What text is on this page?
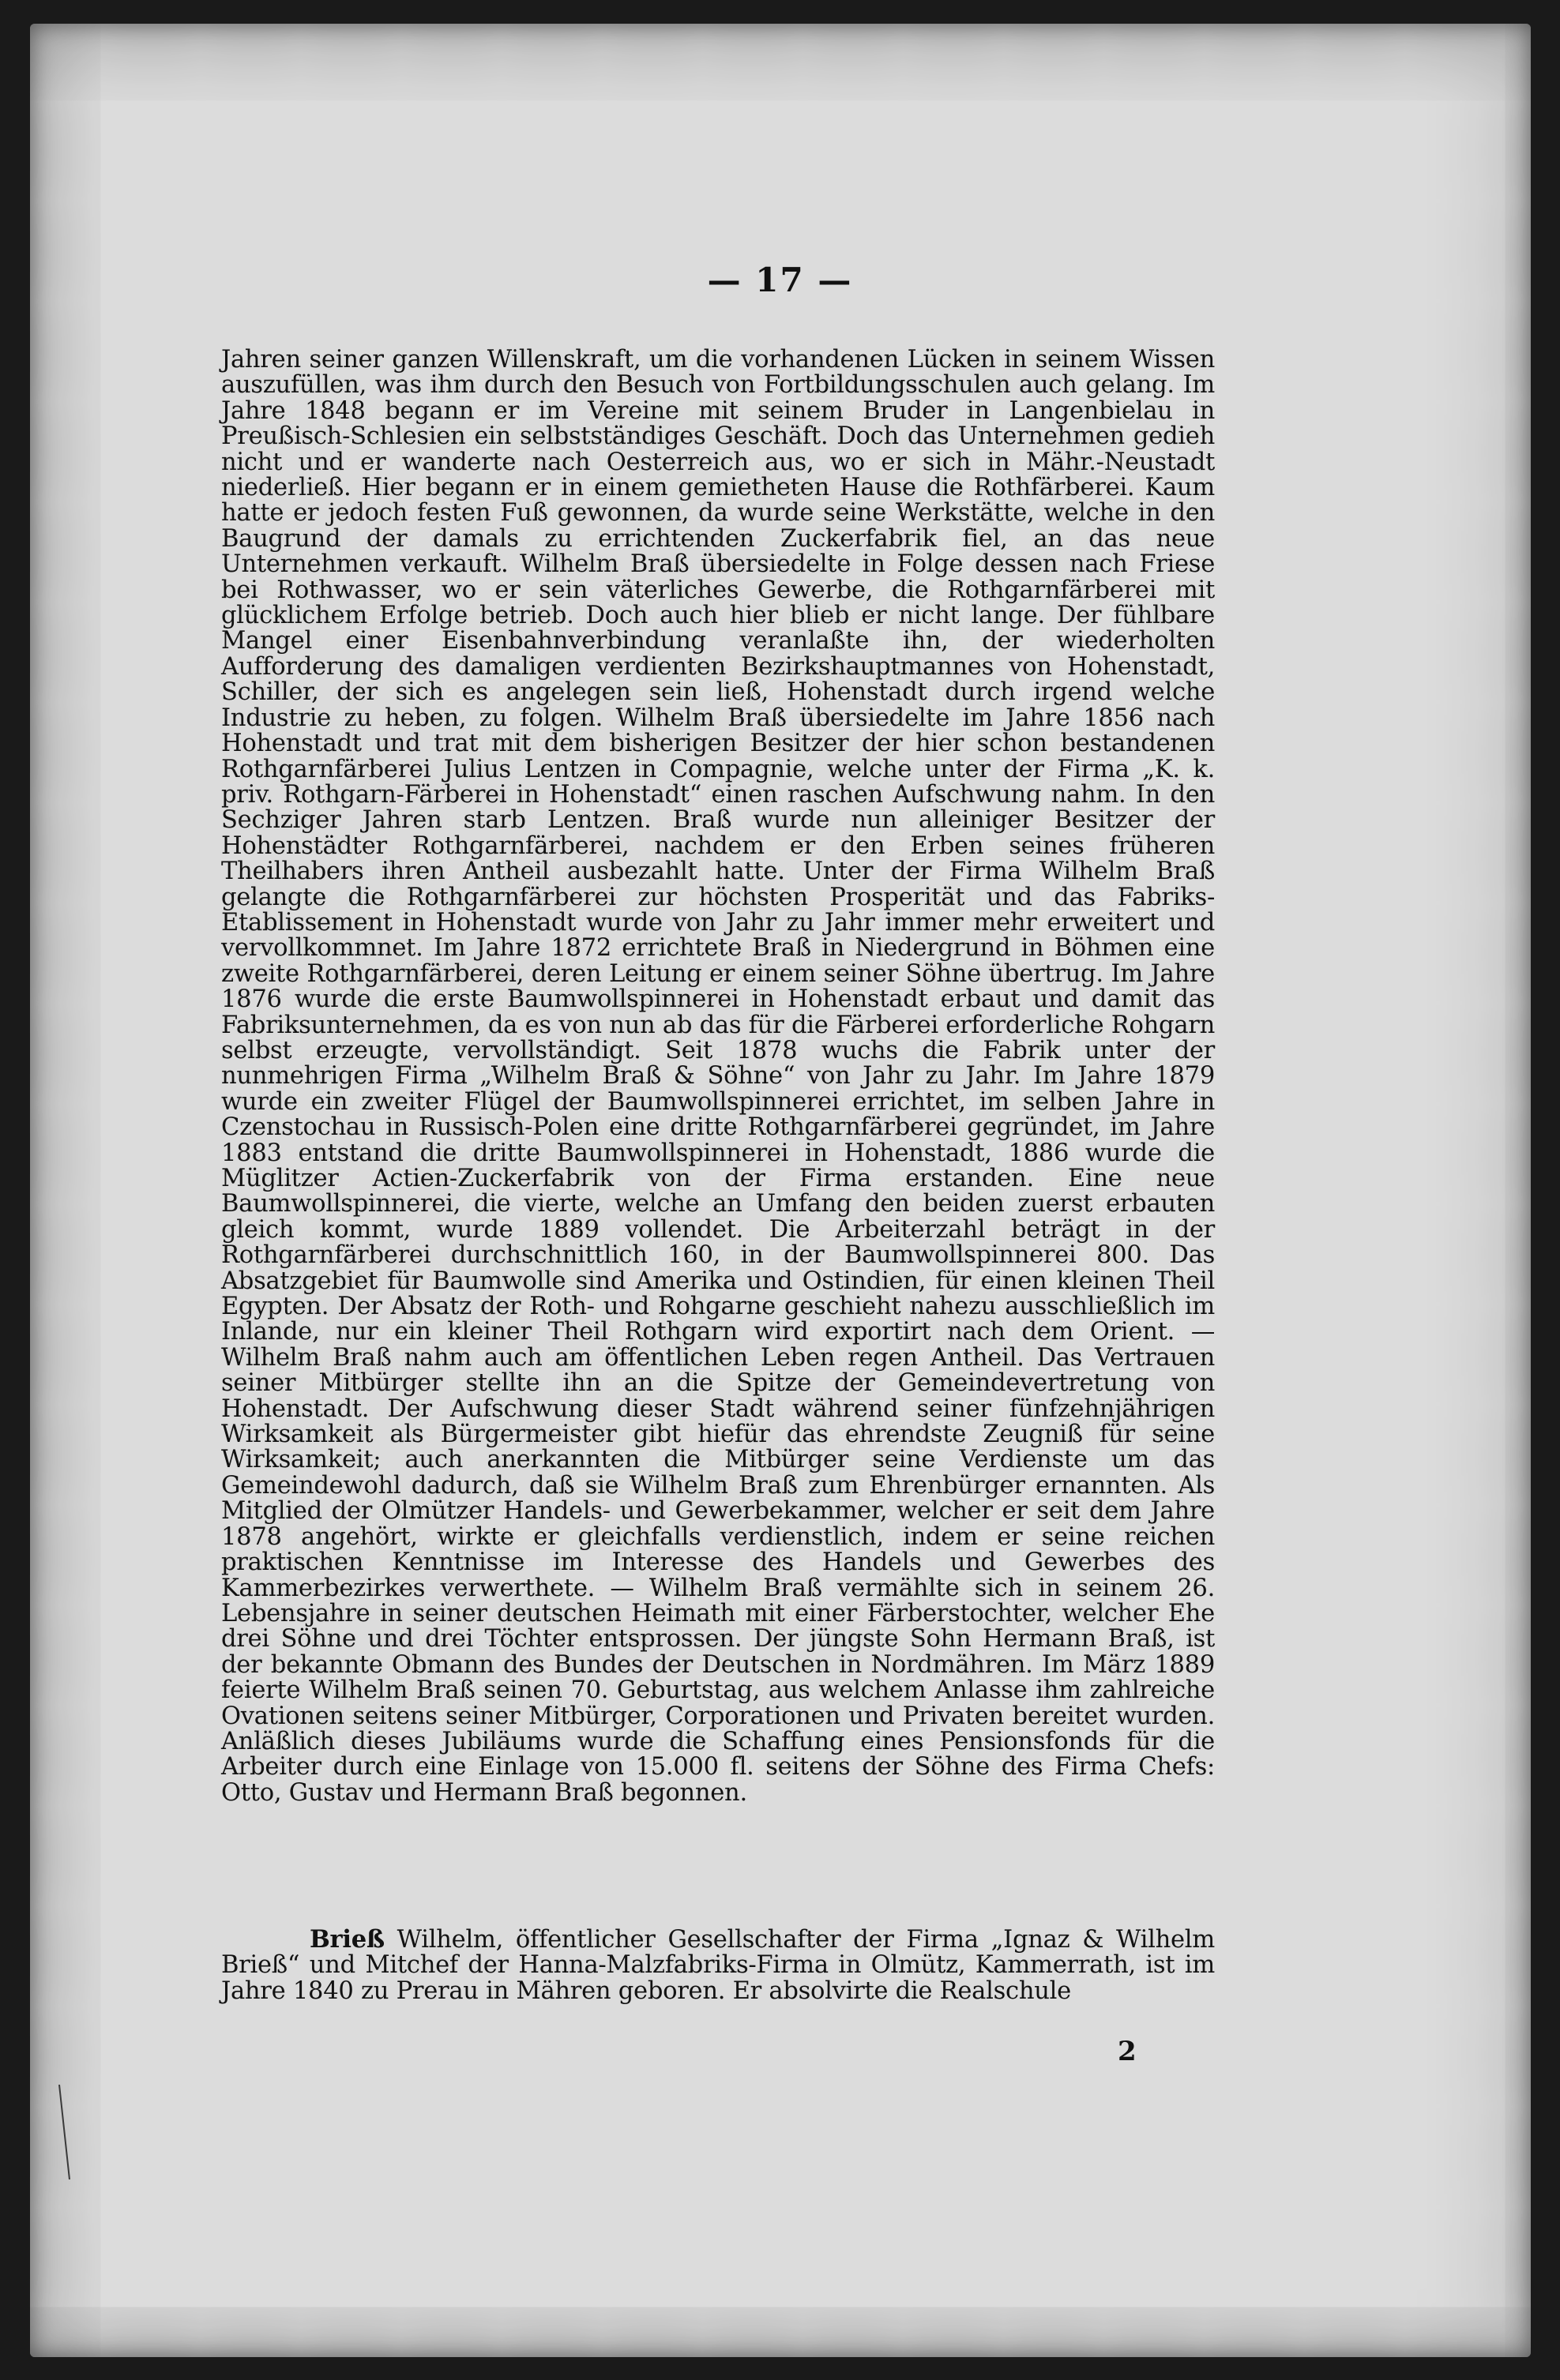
— 17 —

Jahren seiner ganzen Willenskraft, um die vorhandenen Lücken in seinem Wissen auszufüllen, was ihm durch den Besuch von Fortbildungsschulen auch gelang. Im Jahre 1848 begann er im Vereine mit seinem Bruder in Langenbielau in Preußisch-Schlesien ein selbstständiges Geschäft. Doch das Unternehmen gedieh nicht und er wanderte nach Oesterreich aus, wo er sich in Mähr.-Neustadt niederließ. Hier begann er in einem gemietheten Hause die Rothfärberei. Kaum hatte er jedoch festen Fuß gewonnen, da wurde seine Werkstätte, welche in den Baugrund der damals zu errichtenden Zuckerfabrik fiel, an das neue Unternehmen verkauft. Wilhelm Braß übersiedelte in Folge dessen nach Friese bei Rothwasser, wo er sein väterliches Gewerbe, die Rothgarnfärberei mit glücklichem Erfolge betrieb. Doch auch hier blieb er nicht lange. Der fühlbare Mangel einer Eisenbahnverbindung veranlaßte ihn, der wiederholten Aufforderung des damaligen verdienten Bezirkshauptmannes von Hohenstadt, Schiller, der sich es angelegen sein ließ, Hohenstadt durch irgend welche Industrie zu heben, zu folgen. Wilhelm Braß übersiedelte im Jahre 1856 nach Hohenstadt und trat mit dem bisherigen Besitzer der hier schon bestandenen Rothgarnfärberei Julius Lentzen in Compagnie, welche unter der Firma „K. k. priv. Rothgarn-Färberei in Hohenstadt“ einen raschen Aufschwung nahm. In den Sechziger Jahren starb Lentzen. Braß wurde nun alleiniger Besitzer der Hohenstädter Rothgarnfärberei, nachdem er den Erben seines früheren Theilhabers ihren Antheil ausbezahlt hatte. Unter der Firma Wilhelm Braß gelangte die Rothgarnfärberei zur höchsten Prosperität und das Fabriks-Etablissement in Hohenstadt wurde von Jahr zu Jahr immer mehr erweitert und vervollkommnet. Im Jahre 1872 errichtete Braß in Niedergrund in Böhmen eine zweite Rothgarnfärberei, deren Leitung er einem seiner Söhne übertrug. Im Jahre 1876 wurde die erste Baumwollspinnerei in Hohenstadt erbaut und damit das Fabriksunternehmen, da es von nun ab das für die Färberei erforderliche Rohgarn selbst erzeugte, vervollständigt. Seit 1878 wuchs die Fabrik unter der nunmehrigen Firma „Wilhelm Braß & Söhne“ von Jahr zu Jahr. Im Jahre 1879 wurde ein zweiter Flügel der Baumwollspinnerei errichtet, im selben Jahre in Czenstochau in Russisch-Polen eine dritte Rothgarnfärberei gegründet, im Jahre 1883 entstand die dritte Baumwollspinnerei in Hohenstadt, 1886 wurde die Müglitzer Actien-Zuckerfabrik von der Firma erstanden. Eine neue Baumwollspinnerei, die vierte, welche an Umfang den beiden zuerst erbauten gleich kommt, wurde 1889 vollendet. Die Arbeiterzahl beträgt in der Rothgarnfärberei durchschnittlich 160, in der Baumwollspinnerei 800. Das Absatzgebiet für Baumwolle sind Amerika und Ostindien, für einen kleinen Theil Egypten. Der Absatz der Roth- und Rohgarne geschieht nahezu ausschließlich im Inlande, nur ein kleiner Theil Rothgarn wird exportirt nach dem Orient. — Wilhelm Braß nahm auch am öffentlichen Leben regen Antheil. Das Vertrauen seiner Mitbürger stellte ihn an die Spitze der Gemeindevertretung von Hohenstadt. Der Aufschwung dieser Stadt während seiner fünfzehnjährigen Wirksamkeit als Bürgermeister gibt hiefür das ehrendste Zeugniß für seine Wirksamkeit; auch anerkannten die Mitbürger seine Verdienste um das Gemeindewohl dadurch, daß sie Wilhelm Braß zum Ehrenbürger ernannten. Als Mitglied der Olmützer Handels- und Gewerbekammer, welcher er seit dem Jahre 1878 angehört, wirkte er gleichfalls verdienstlich, indem er seine reichen praktischen Kenntnisse im Interesse des Handels und Gewerbes des Kammerbezirkes verwerthete. — Wilhelm Braß vermählte sich in seinem 26. Lebensjahre in seiner deutschen Heimath mit einer Färberstochter, welcher Ehe drei Söhne und drei Töchter entsprossen. Der jüngste Sohn Hermann Braß, ist der bekannte Obmann des Bundes der Deutschen in Nordmähren. Im März 1889 feierte Wilhelm Braß seinen 70. Geburtstag, aus welchem Anlasse ihm zahlreiche Ovationen seitens seiner Mitbürger, Corporationen und Privaten bereitet wurden. Anläßlich dieses Jubiläums wurde die Schaffung eines Pensionsfonds für die Arbeiter durch eine Einlage von 15.000 fl. seitens der Söhne des Firma Chefs: Otto, Gustav und Hermann Braß begonnen.

Brieß Wilhelm, öffentlicher Gesellschafter der Firma „Ignaz & Wilhelm Brieß“ und Mitchef der Hanna-Malzfabriks-Firma in Olmütz, Kammerrath, ist im Jahre 1840 zu Prerau in Mähren geboren. Er absolvirte die Realschule

2
